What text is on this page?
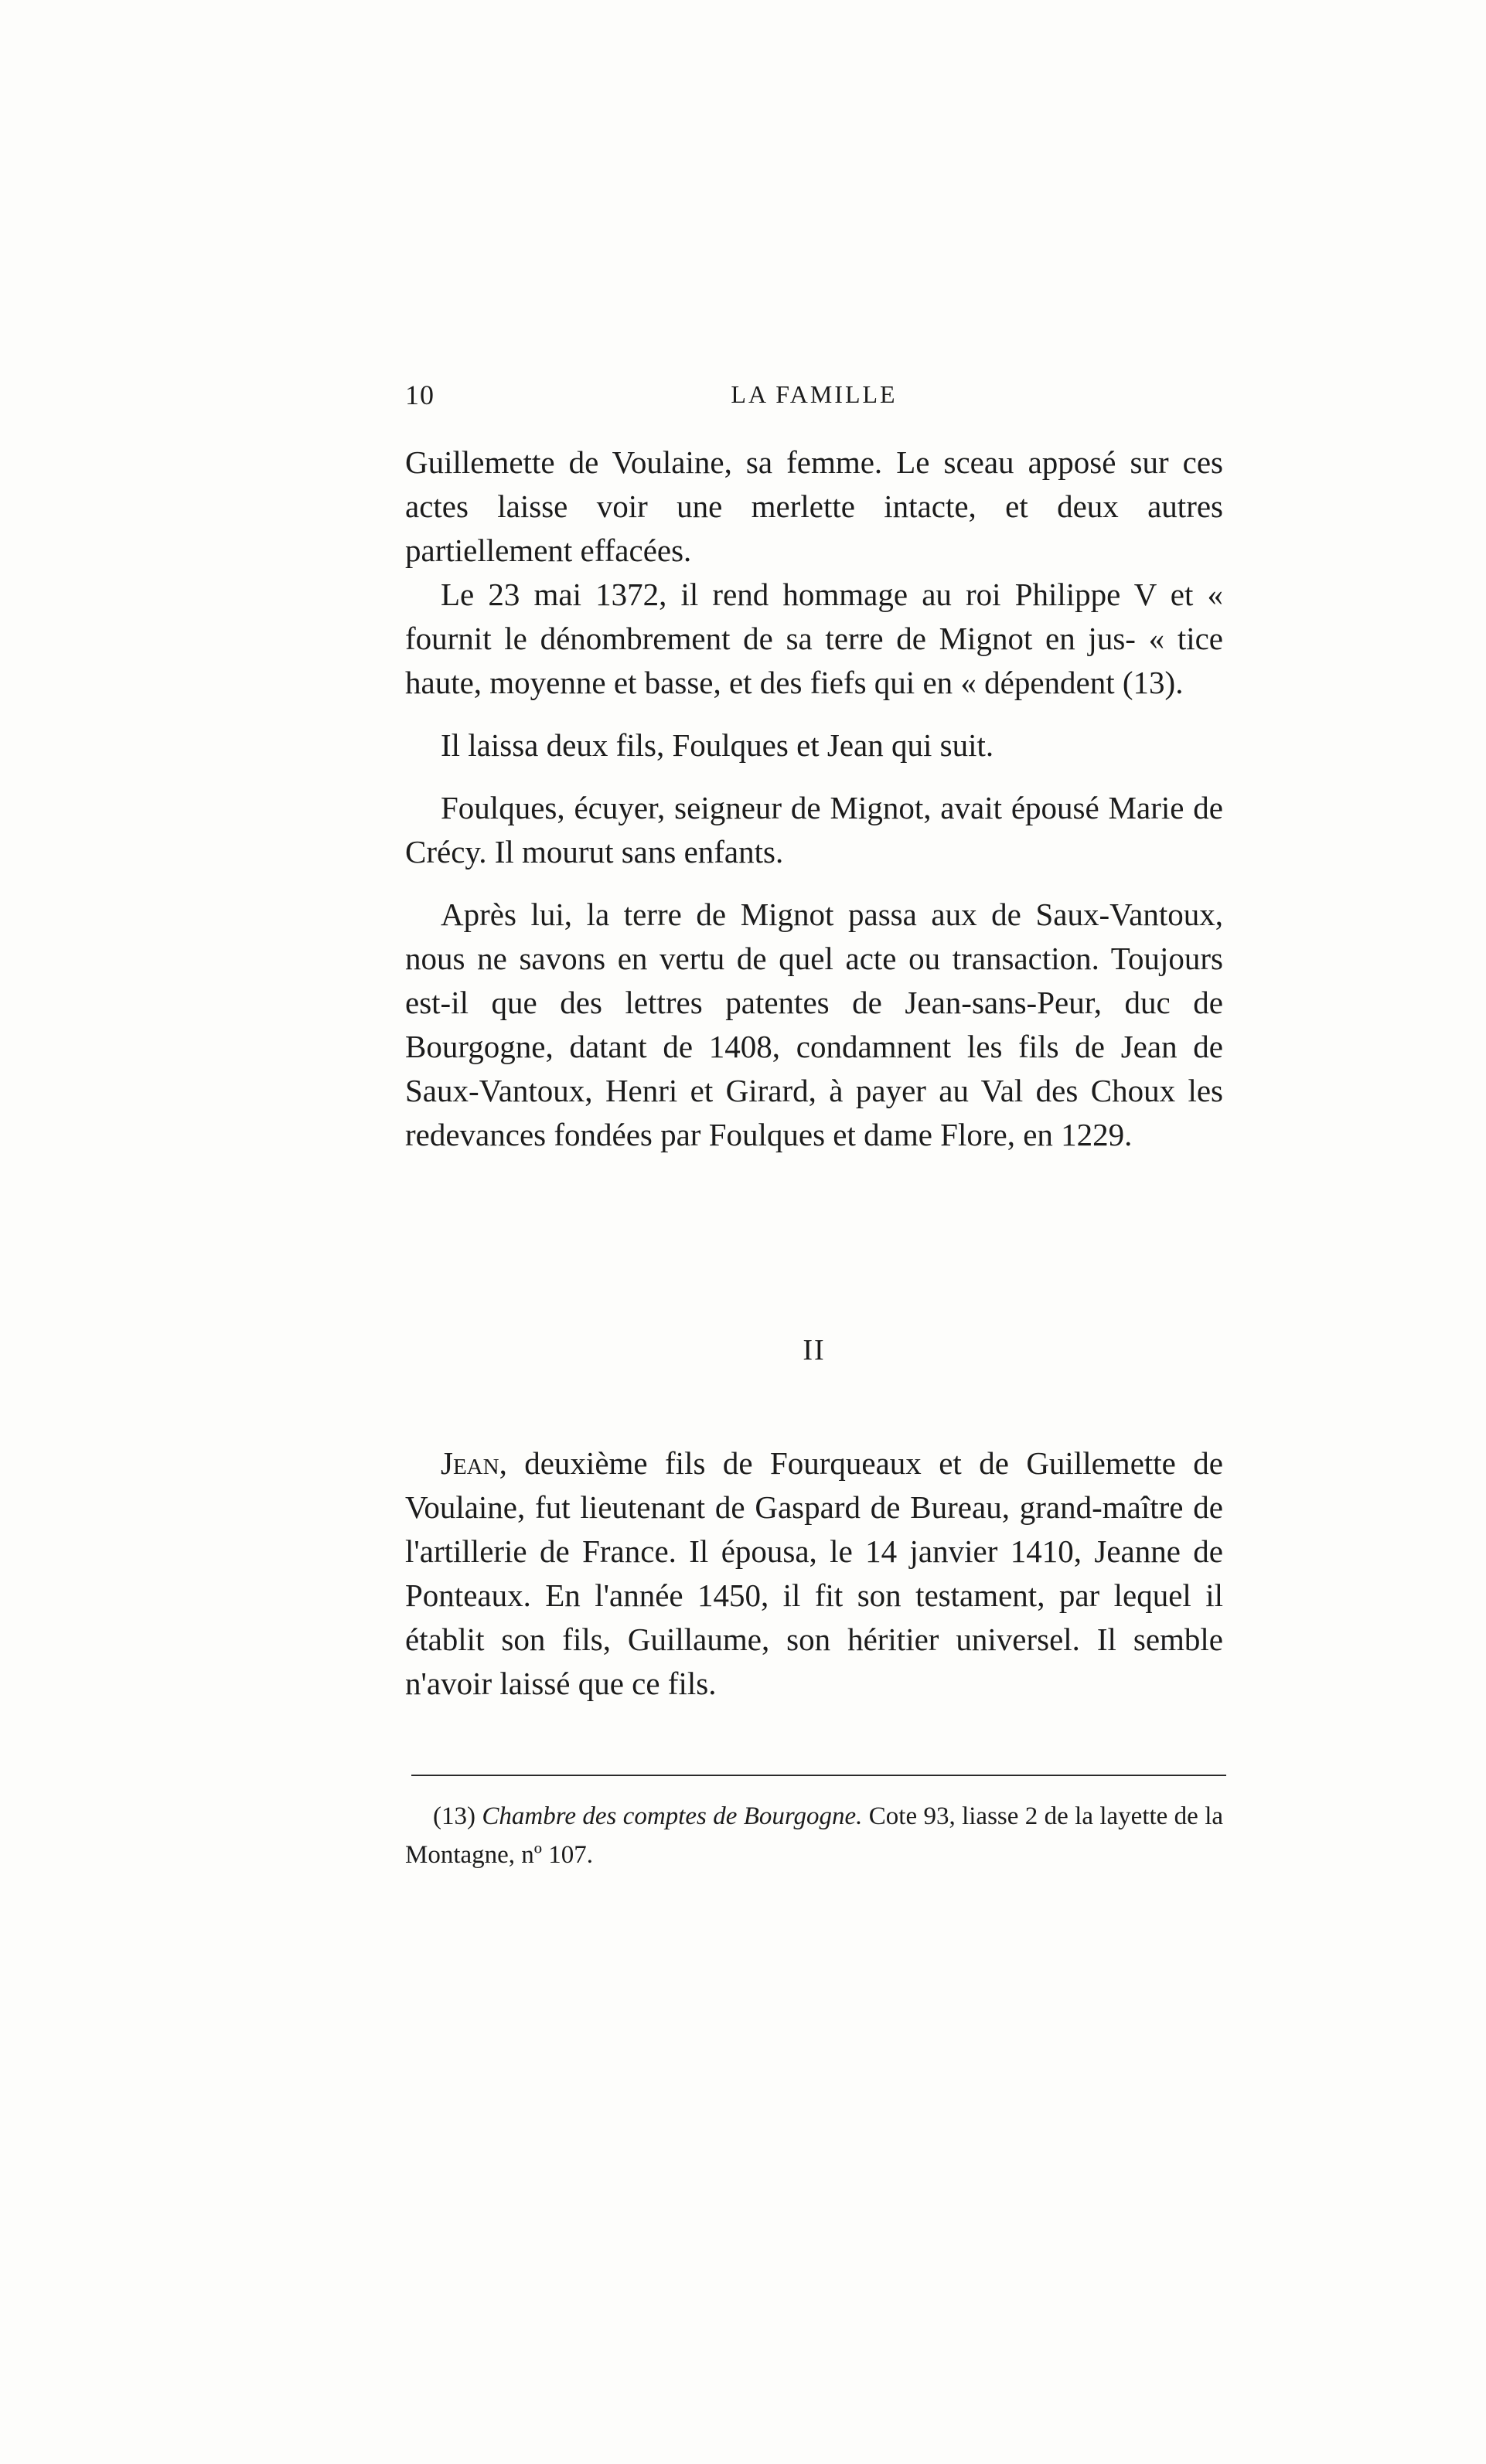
10	LA FAMILLE

Guillemette de Voulaine, sa femme. Le sceau apposé sur ces actes laisse voir une merlette intacte, et deux autres partiellement effacées.

Le 23 mai 1372, il rend hommage au roi Philippe V et « fournit le dénombrement de sa terre de Mignot en jus- « tice haute, moyenne et basse, et des fiefs qui en « dépendent (13).

Il laissa deux fils, Foulques et Jean qui suit.

Foulques, écuyer, seigneur de Mignot, avait épousé Marie de Crécy. Il mourut sans enfants.

Après lui, la terre de Mignot passa aux de Saux-Vantoux, nous ne savons en vertu de quel acte ou transaction. Toujours est-il que des lettres patentes de Jean-sans-Peur, duc de Bourgogne, datant de 1408, condamnent les fils de Jean de Saux-Vantoux, Henri et Girard, à payer au Val des Choux les redevances fondées par Foulques et dame Flore, en 1229.

II

Jean, deuxième fils de Fourqueaux et de Guillemette de Voulaine, fut lieutenant de Gaspard de Bureau, grand-maître de l'artillerie de France. Il épousa, le 14 janvier 1410, Jeanne de Ponteaux. En l'année 1450, il fit son testament, par lequel il établit son fils, Guillaume, son héritier universel. Il semble n'avoir laissé que ce fils.

(13) Chambre des comptes de Bourgogne. Cote 93, liasse 2 de la layette de la Montagne, nº 107.
